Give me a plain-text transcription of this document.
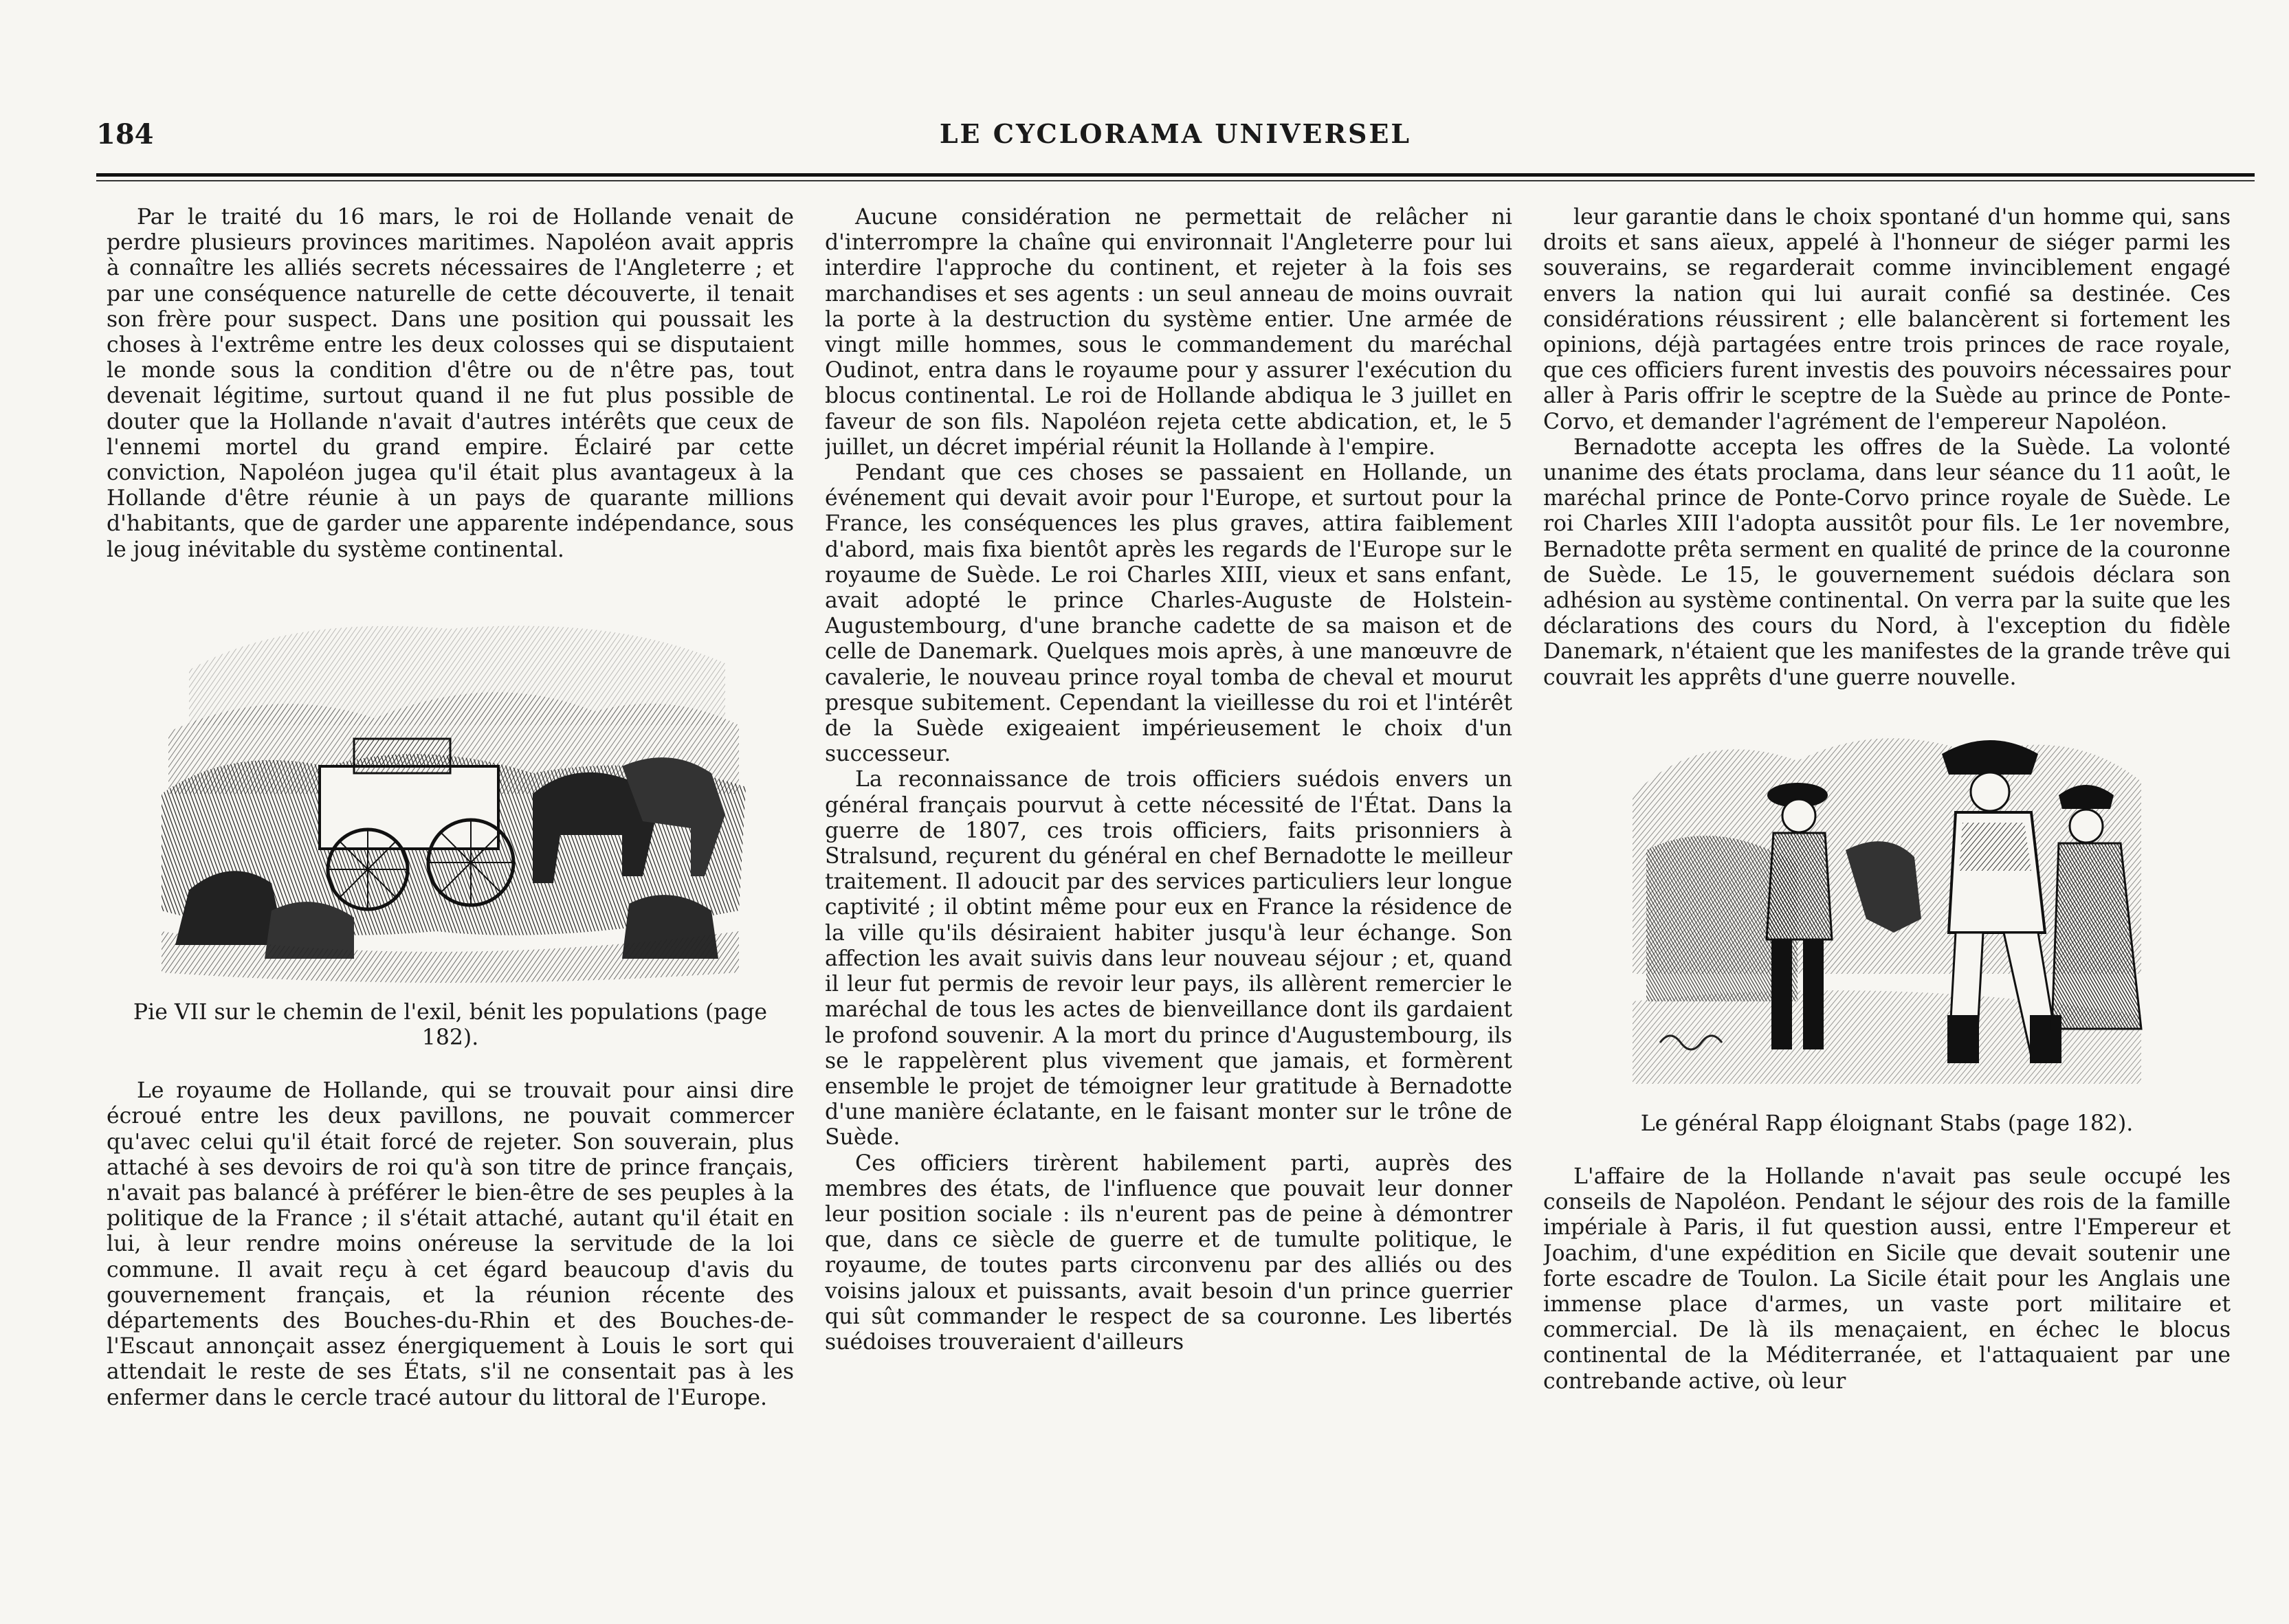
184	LE CYCLORAMA UNIVERSEL

Par le traité du 16 mars, le roi de Hollande venait de perdre plusieurs provinces maritimes. Napoléon avait appris à connaître les alliés secrets nécessaires de l'Angleterre ; et par une conséquence naturelle de cette découverte, il tenait son frère pour suspect. Dans une position qui poussait les choses à l'extrême entre les deux colosses qui se disputaient le monde sous la condition d'être ou de n'être pas, tout devenait légitime, surtout quand il ne fut plus possible de douter que la Hollande n'avait d'autres intérêts que ceux de l'ennemi mortel du grand empire. Éclairé par cette conviction, Napoléon jugea qu'il était plus avantageux à la Hollande d'être réunie à un pays de quarante millions d'habitants, que de garder une apparente indépendance, sous le joug inévitable du système continental.

Pie VII sur le chemin de l'exil, bénit les populations (page 182).

Le royaume de Hollande, qui se trouvait pour ainsi dire écroué entre les deux pavillons, ne pouvait commercer qu'avec celui qu'il était forcé de rejeter. Son souverain, plus attaché à ses devoirs de roi qu'à son titre de prince français, n'avait pas balancé à préférer le bien-être de ses peuples à la politique de la France ; il s'était attaché, autant qu'il était en lui, à leur rendre moins onéreuse la servitude de la loi commune. Il avait reçu à cet égard beaucoup d'avis du gouvernement français, et la réunion récente des départements des Bouches-du-Rhin et des Bouches-de-l'Escaut annonçait assez énergiquement à Louis le sort qui attendait le reste de ses États, s'il ne consentait pas à les enfermer dans le cercle tracé autour du littoral de l'Europe.

Aucune considération ne permettait de relâcher ni d'interrompre la chaîne qui environnait l'Angleterre pour lui interdire l'approche du continent, et rejeter à la fois ses marchandises et ses agents : un seul anneau de moins ouvrait la porte à la destruction du système entier. Une armée de vingt mille hommes, sous le commandement du maréchal Oudinot, entra dans le royaume pour y assurer l'exécution du blocus continental. Le roi de Hollande abdiqua le 3 juillet en faveur de son fils. Napoléon rejeta cette abdication, et, le 5 juillet, un décret impérial réunit la Hollande à l'empire.

Pendant que ces choses se passaient en Hollande, un événement qui devait avoir pour l'Europe, et surtout pour la France, les conséquences les plus graves, attira faiblement d'abord, mais fixa bientôt après les regards de l'Europe sur le royaume de Suède. Le roi Charles XIII, vieux et sans enfant, avait adopté le prince Charles-Auguste de Holstein-Augustembourg, d'une branche cadette de sa maison et de celle de Danemark. Quelques mois après, à une manœuvre de cavalerie, le nouveau prince royal tomba de cheval et mourut presque subitement. Cependant la vieillesse du roi et l'intérêt de la Suède exigeaient impérieusement le choix d'un successeur.

La reconnaissance de trois officiers suédois envers un général français pourvut à cette nécessité de l'État. Dans la guerre de 1807, ces trois officiers, faits prisonniers à Stralsund, reçurent du général en chef Bernadotte le meilleur traitement. Il adoucit par des services particuliers leur longue captivité ; il obtint même pour eux en France la résidence de la ville qu'ils désiraient habiter jusqu'à leur échange. Son affection les avait suivis dans leur nouveau séjour ; et, quand il leur fut permis de revoir leur pays, ils allèrent remercier le maréchal de tous les actes de bienveillance dont ils gardaient le profond souvenir. A la mort du prince d'Augustembourg, ils se le rappelèrent plus vivement que jamais, et formèrent ensemble le projet de témoigner leur gratitude à Bernadotte d'une manière éclatante, en le faisant monter sur le trône de Suède.

Ces officiers tirèrent habilement parti, auprès des membres des états, de l'influence que pouvait leur donner leur position sociale : ils n'eurent pas de peine à démontrer que, dans ce siècle de guerre et de tumulte politique, le royaume, de toutes parts circonvenu par des alliés ou des voisins jaloux et puissants, avait besoin d'un prince guerrier qui sût commander le respect de sa couronne. Les libertés suédoises trouveraient d'ailleurs

leur garantie dans le choix spontané d'un homme qui, sans droits et sans aïeux, appelé à l'honneur de siéger parmi les souverains, se regarderait comme invinciblement engagé envers la nation qui lui aurait confié sa destinée. Ces considérations réussirent ; elle balancèrent si fortement les opinions, déjà partagées entre trois princes de race royale, que ces officiers furent investis des pouvoirs nécessaires pour aller à Paris offrir le sceptre de la Suède au prince de Ponte-Corvo, et demander l'agrément de l'empereur Napoléon.

Bernadotte accepta les offres de la Suède. La volonté unanime des états proclama, dans leur séance du 11 août, le maréchal prince de Ponte-Corvo prince royale de Suède. Le roi Charles XIII l'adopta aussitôt pour fils. Le 1er novembre, Bernadotte prêta serment en qualité de prince de la couronne de Suède. Le 15, le gouvernement suédois déclara son adhésion au système continental. On verra par la suite que les déclarations des cours du Nord, à l'exception du fidèle Danemark, n'étaient que les manifestes de la grande trêve qui couvrait les apprêts d'une guerre nouvelle.

Le général Rapp éloignant Stabs (page 182).

L'affaire de la Hollande n'avait pas seule occupé les conseils de Napoléon. Pendant le séjour des rois de la famille impériale à Paris, il fut question aussi, entre l'Empereur et Joachim, d'une expédition en Sicile que devait soutenir une forte escadre de Toulon. La Sicile était pour les Anglais une immense place d'armes, un vaste port militaire et commercial. De là ils menaçaient, en échec le blocus continental de la Méditerranée, et l'attaquaient par une contrebande active, où leur
